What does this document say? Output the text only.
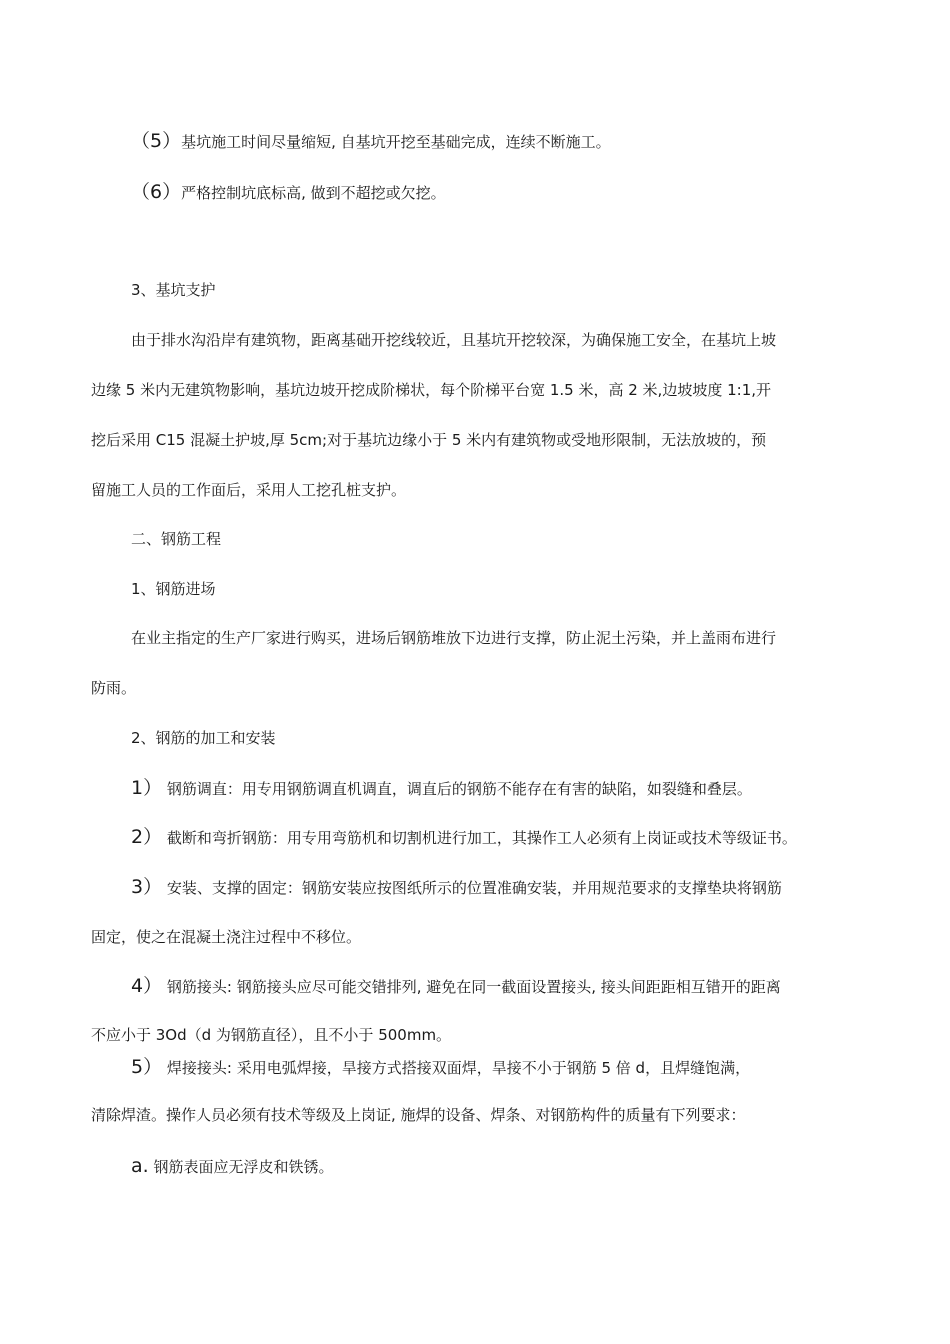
（5）基坑施工时间尽量缩短, 自基坑开挖至基础完成，连续不断施工。
（6）严格控制坑底标高, 做到不超挖或欠挖。
3、基坑支护
由于排水沟沿岸有建筑物，距离基础开挖线较近，且基坑开挖较深，为确保施工安全，在基坑上坡
边缘 5 米内无建筑物影响，基坑边坡开挖成阶梯状，每个阶梯平台宽 1.5 米，高 2 米,边坡坡度 1:1,开
挖后采用 C15 混凝土护坡,厚 5cm;对于基坑边缘小于 5 米内有建筑物或受地形限制，无法放坡的，预
留施工人员的工作面后，采用人工挖孔桩支护。
二、钢筋工程
1、钢筋进场
在业主指定的生产厂家进行购买，进场后钢筋堆放下边进行支撑，防止泥土污染，并上盖雨布进行
防雨。
2、钢筋的加工和安装
1） 钢筋调直：用专用钢筋调直机调直，调直后的钢筋不能存在有害的缺陷，如裂缝和叠层。
2） 截断和弯折钢筋：用专用弯筋机和切割机进行加工，其操作工人必须有上岗证或技术等级证书。
3） 安装、支撑的固定：钢筋安装应按图纸所示的位置准确安装，并用规范要求的支撑垫块将钢筋
固定，使之在混凝土浇注过程中不移位。
4） 钢筋接头: 钢筋接头应尽可能交错排列, 避免在同一截面设置接头, 接头间距距相互错开的距离
不应小于 3Od（d 为钢筋直径），且不小于 500mm。
5） 焊接接头: 采用电弧焊接，旱接方式搭接双面焊，旱接不小于钢筋 5 倍 d，且焊缝饱满，
清除焊渣。操作人员必须有技术等级及上岗证, 施焊的设备、焊条、对钢筋构件的质量有下列要求：
a. 钢筋表面应无浮皮和铁锈。
